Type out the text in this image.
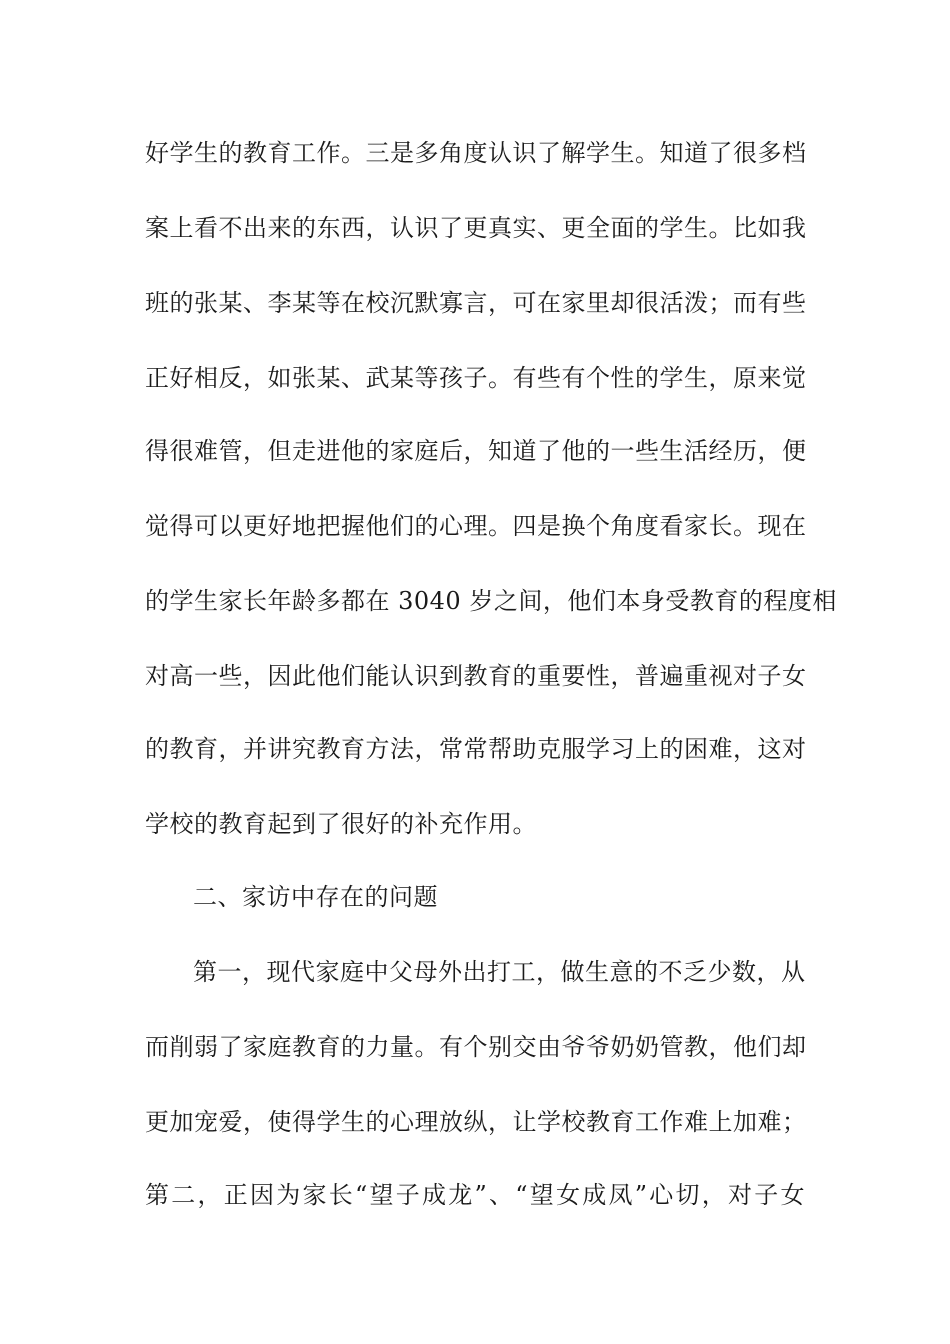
好学生的教育工作。三是多角度认识了解学生。知道了很多档
案上看不出来的东西，认识了更真实、更全面的学生。比如我
班的张某、李某等在校沉默寡言，可在家里却很活泼；而有些
正好相反，如张某、武某等孩子。有些有个性的学生，原来觉
得很难管，但走进他的家庭后，知道了他的一些生活经历，便
觉得可以更好地把握他们的心理。四是换个角度看家长。现在
的学生家长年龄多都在 3040 岁之间，他们本身受教育的程度相
对高一些，因此他们能认识到教育的重要性，普遍重视对子女
的教育，并讲究教育方法，常常帮助克服学习上的困难，这对
学校的教育起到了很好的补充作用。
二、家访中存在的问题
第一，现代家庭中父母外出打工，做生意的不乏少数，从
而削弱了家庭教育的力量。有个别交由爷爷奶奶管教，他们却
更加宠爱，使得学生的心理放纵，让学校教育工作难上加难；
第二，正因为家长“望子成龙”、“望女成凤”心切，对子女
